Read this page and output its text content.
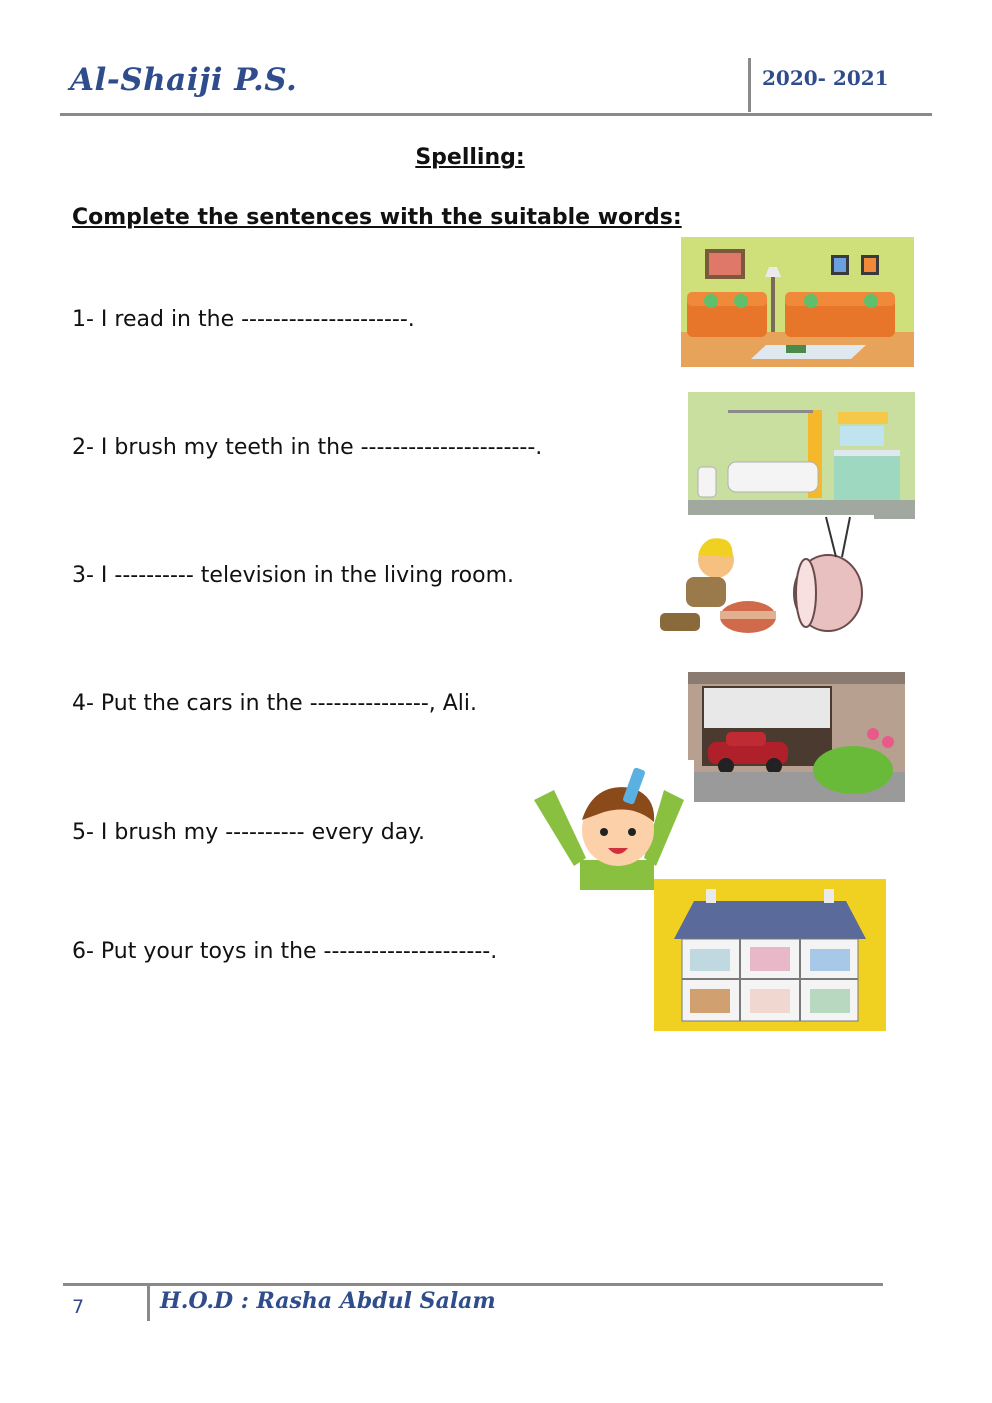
Al-Shaiji P.S.	2020- 2021
Spelling:
Complete the sentences with the suitable words:
1- I read in the ---------------------.
2- I brush my teeth in the ----------------------.
3- I ---------- television in the living room.
4- Put the cars in the ---------------, Ali.
5- I brush my ---------- every day.
6- Put your toys in the ---------------------.
7	H.O.D : Rasha Abdul Salam
